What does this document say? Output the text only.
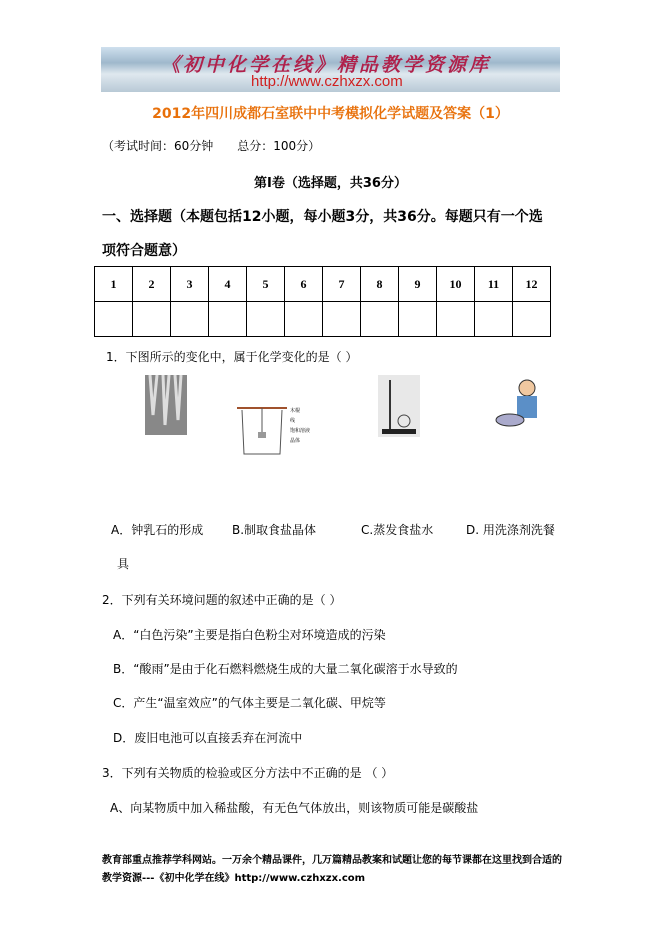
《初中化学在线》精品教学资源库
http://www.czhxzx.com
2012年四川成都石室联中中考模拟化学试题及答案（1）
（考试时间：60分钟　　总分：100分）
第Ⅰ卷（选择题，共36分）
一、选择题（本题包括12小题，每小题3分，共36分。每题只有一个选
项符合题意）
1	2	3	4	5	6	7	8	9	10	11	12

1．下图所示的变化中，属于化学变化的是（ ）
木棍
线
饱和溶液
晶体
A．钟乳石的形成 B.制取食盐晶体	C.蒸发食盐水	D. 用洗涤剂洗餐
具
2．下列有关环境问题的叙述中正确的是（ ）
A．“白色污染”主要是指白色粉尘对环境造成的污染
B．“酸雨”是由于化石燃料燃烧生成的大量二氧化碳溶于水导致的
C．产生“温室效应”的气体主要是二氧化碳、甲烷等
D．废旧电池可以直接丢弃在河流中
3．下列有关物质的检验或区分方法中不正确的是 （ ）
A、向某物质中加入稀盐酸，有无色气体放出，则该物质可能是碳酸盐
教育部重点推荐学科网站。一万余个精品课件，几万篇精品教案和试题让您的每节课都在这里找到合适的
教学资源---《初中化学在线》http://www.czhxzx.com
